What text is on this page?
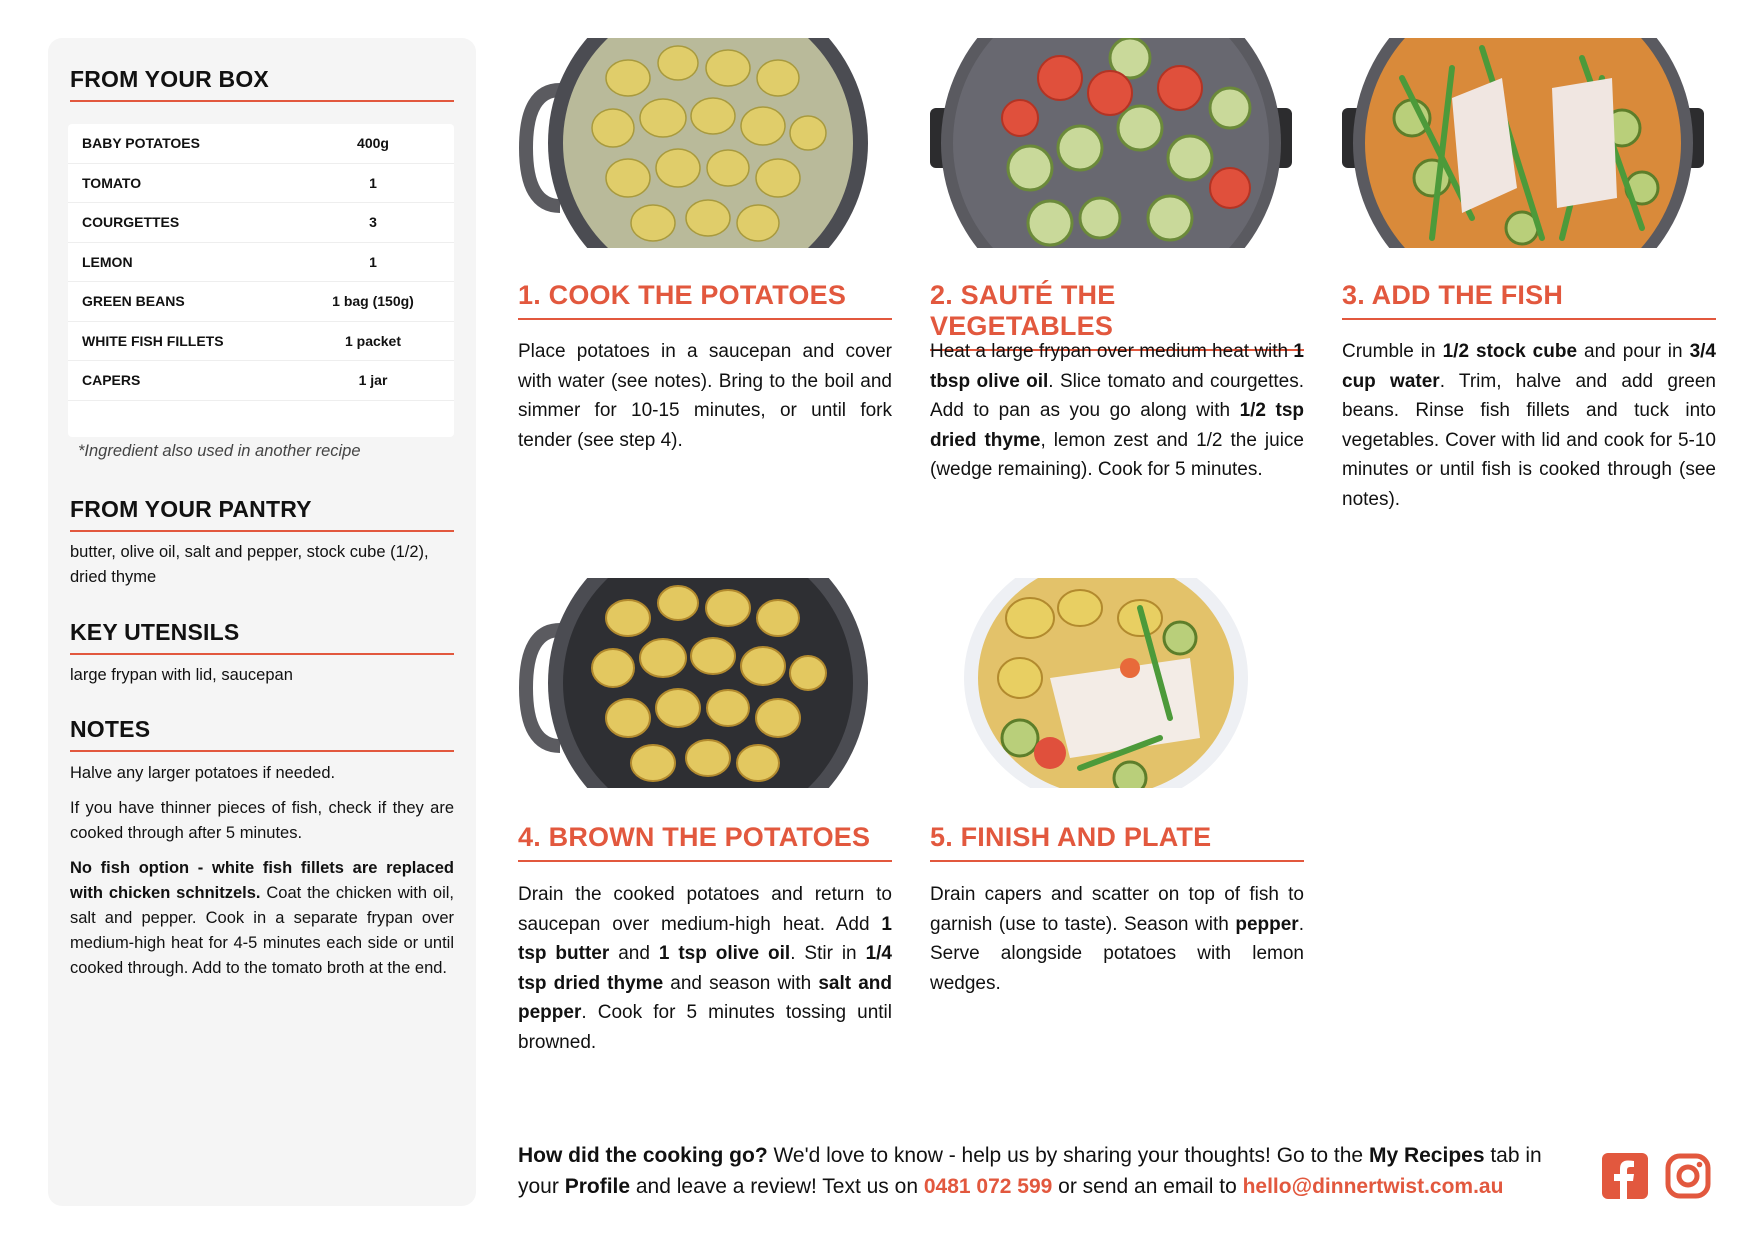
FROM YOUR BOX
BABY POTATOES	400g
TOMATO	1
COURGETTES	3
LEMON	1
GREEN BEANS	1 bag (150g)
WHITE FISH FILLETS	1 packet
CAPERS	1 jar
*Ingredient also used in another recipe
FROM YOUR PANTRY
butter, olive oil, salt and pepper, stock cube (1/2), dried thyme
KEY UTENSILS
large frypan with lid, saucepan
NOTES

Halve any larger potatoes if needed.

If you have thinner pieces of fish, check if they are cooked through after 5 minutes.

No fish option - white fish fillets are replaced with chicken schnitzels. Coat the chicken with oil, salt and pepper. Cook in a separate frypan over medium-high heat for 4-5 minutes each side or until cooked through. Add to the tomato broth at the end.

1. COOK THE POTATOES
Place potatoes in a saucepan and cover with water (see notes). Bring to the boil and simmer for 10-15 minutes, or until fork tender (see step 4).
2. SAUTÉ THE VEGETABLES
Heat a large frypan over medium heat with 1 tbsp olive oil. Slice tomato and courgettes. Add to pan as you go along with 1/2 tsp dried thyme, lemon zest and 1/2 the juice (wedge remaining). Cook for 5 minutes.
3. ADD THE FISH
Crumble in 1/2 stock cube and pour in 3/4 cup water. Trim, halve and add green beans. Rinse fish fillets and tuck into vegetables. Cover with lid and cook for 5-10 minutes or until fish is cooked through (see notes).
4. BROWN THE POTATOES
Drain the cooked potatoes and return to saucepan over medium-high heat. Add 1 tsp butter and 1 tsp olive oil. Stir in 1/4 tsp dried thyme and season with salt and pepper. Cook for 5 minutes tossing until browned.
5. FINISH AND PLATE
Drain capers and scatter on top of fish to garnish (use to taste). Season with pepper. Serve alongside potatoes with lemon wedges.
How did the cooking go? We'd love to know - help us by sharing your thoughts! Go to the My Recipes tab in your Profile and leave a review! Text us on 0481 072 599 or send an email to hello@dinnertwist.com.au
